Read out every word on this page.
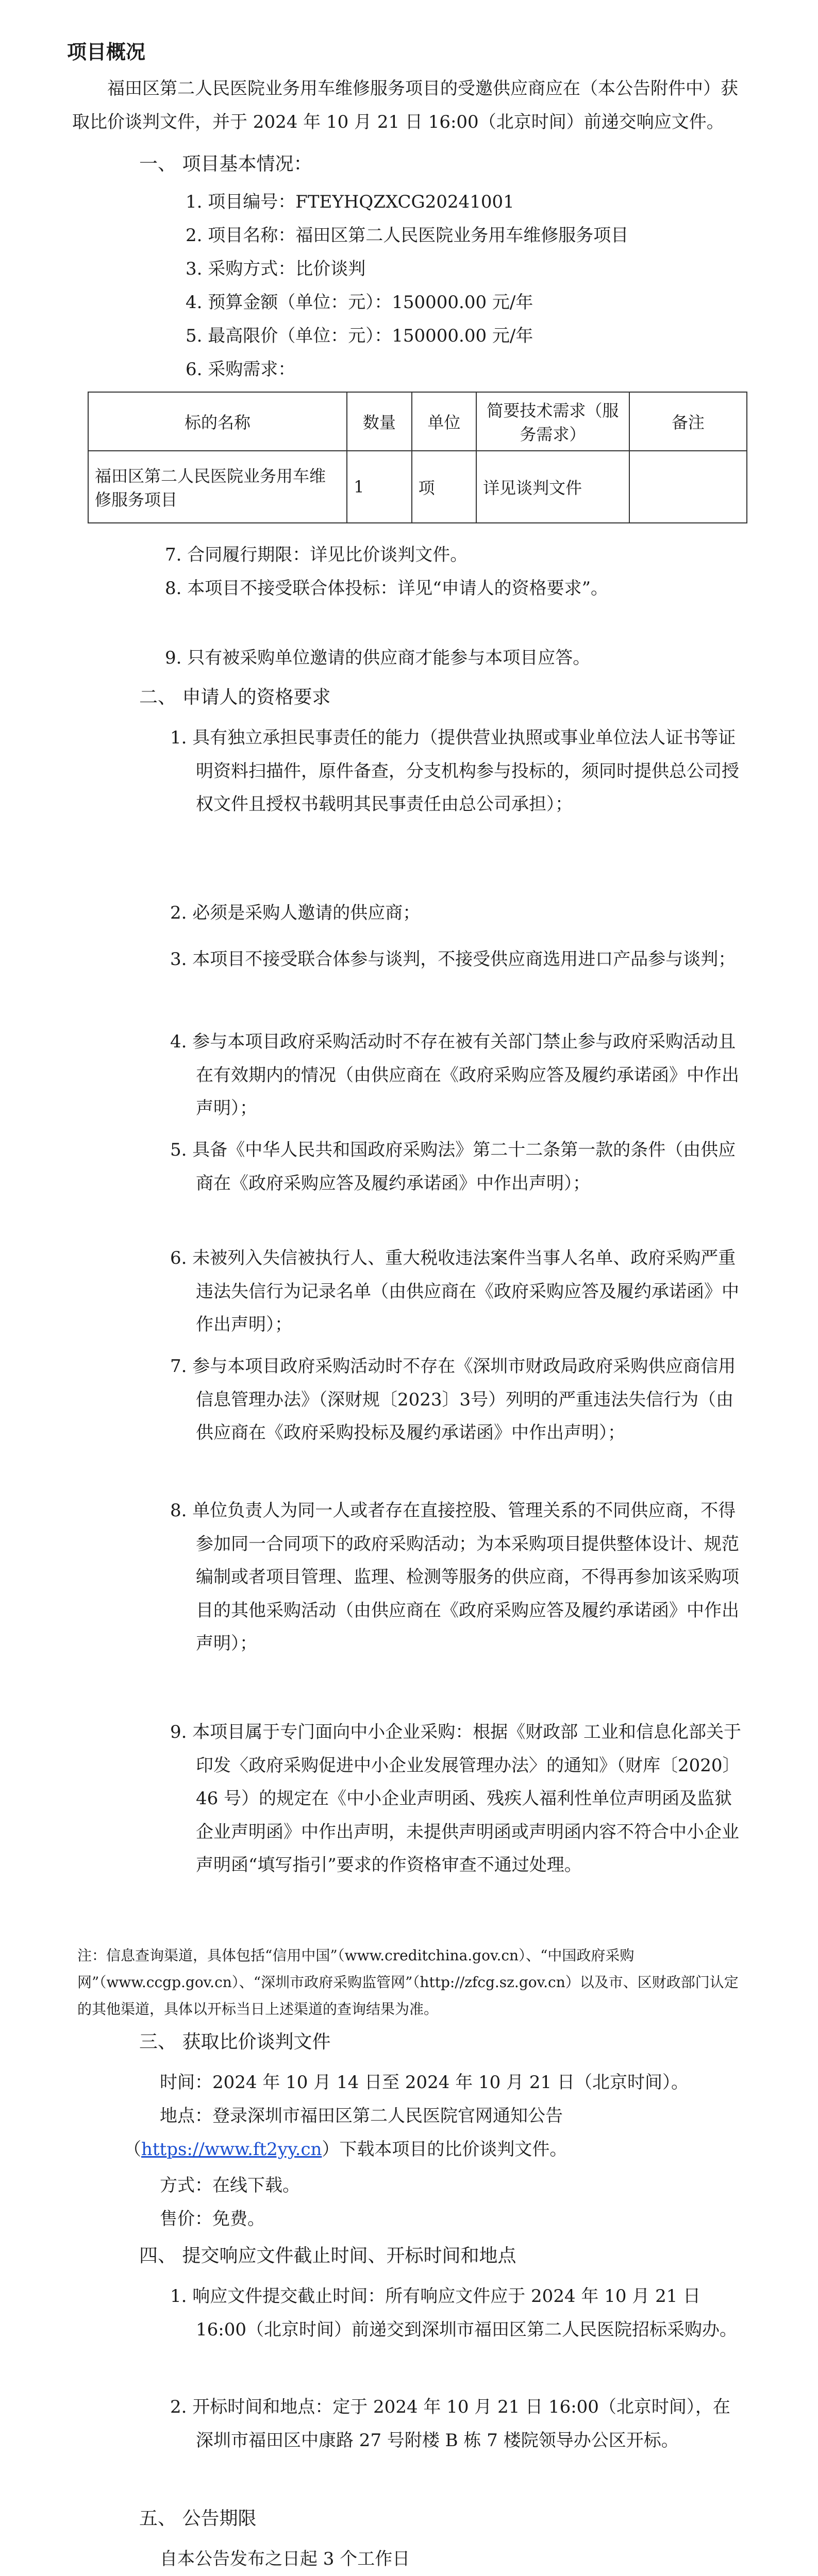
项目概况
福田区第二人民医院业务用车维修服务项目的受邀供应商应在（本公告附件中）获取比价谈判文件，并于 2024 年 10 月 21 日 16:00（北京时间）前递交响应文件。
一、 项目基本情况：
1. 项目编号：FTEYHQZXCG20241001
2. 项目名称：福田区第二人民医院业务用车维修服务项目
3. 采购方式：比价谈判
4. 预算金额（单位：元）：150000.00 元/年
5. 最高限价（单位：元）：150000.00 元/年
6. 采购需求：
标的名称	数量	单位	简要技术需求（服务需求）	备注
福田区第二人民医院业务用车维修服务项目	1	项	详见谈判文件	
7. 合同履行期限：详见比价谈判文件。
8. 本项目不接受联合体投标：详见“申请人的资格要求”。
9. 只有被采购单位邀请的供应商才能参与本项目应答。
二、 申请人的资格要求
1. 具有独立承担民事责任的能力（提供营业执照或事业单位法人证书等证明资料扫描件，原件备查，分支机构参与投标的，须同时提供总公司授权文件且授权书载明其民事责任由总公司承担）；
2. 必须是采购人邀请的供应商；
3. 本项目不接受联合体参与谈判，不接受供应商选用进口产品参与谈判；
4. 参与本项目政府采购活动时不存在被有关部门禁止参与政府采购活动且在有效期内的情况（由供应商在《政府采购应答及履约承诺函》中作出声明）；
5. 具备《中华人民共和国政府采购法》第二十二条第一款的条件（由供应商在《政府采购应答及履约承诺函》中作出声明）；
6. 未被列入失信被执行人、重大税收违法案件当事人名单、政府采购严重违法失信行为记录名单（由供应商在《政府采购应答及履约承诺函》中作出声明）；
7. 参与本项目政府采购活动时不存在《深圳市财政局政府采购供应商信用信息管理办法》（深财规〔2023〕3号）列明的严重违法失信行为（由供应商在《政府采购投标及履约承诺函》中作出声明）；
8. 单位负责人为同一人或者存在直接控股、管理关系的不同供应商，不得参加同一合同项下的政府采购活动；为本采购项目提供整体设计、规范编制或者项目管理、监理、检测等服务的供应商，不得再参加该采购项目的其他采购活动（由供应商在《政府采购应答及履约承诺函》中作出声明）；
9. 本项目属于专门面向中小企业采购：根据《财政部 工业和信息化部关于印发〈政府采购促进中小企业发展管理办法〉的通知》（财库〔2020〕46 号）的规定在《中小企业声明函、残疾人福利性单位声明函及监狱企业声明函》中作出声明，未提供声明函或声明函内容不符合中小企业声明函“填写指引”要求的作资格审查不通过处理。
注：信息查询渠道，具体包括“信用中国”（www.creditchina.gov.cn）、“中国政府采购网”（www.ccgp.gov.cn）、“深圳市政府采购监管网”（http://zfcg.sz.gov.cn）以及市、区财政部门认定的其他渠道，具体以开标当日上述渠道的查询结果为准。
三、 获取比价谈判文件
时间：2024 年 10 月 14 日至 2024 年 10 月 21 日（北京时间）。
地点：登录深圳市福田区第二人民医院官网通知公告
（https://www.ft2yy.cn）下载本项目的比价谈判文件。
方式：在线下载。
售价：免费。
四、 提交响应文件截止时间、开标时间和地点
1. 响应文件提交截止时间：所有响应文件应于 2024 年 10 月 21 日 16:00（北京时间）前递交到深圳市福田区第二人民医院招标采购办。
2. 开标时间和地点：定于 2024 年 10 月 21 日 16:00（北京时间），在深圳市福田区中康路 27 号附楼 B 栋 7 楼院领导办公区开标。
五、 公告期限
自本公告发布之日起 3 个工作日
